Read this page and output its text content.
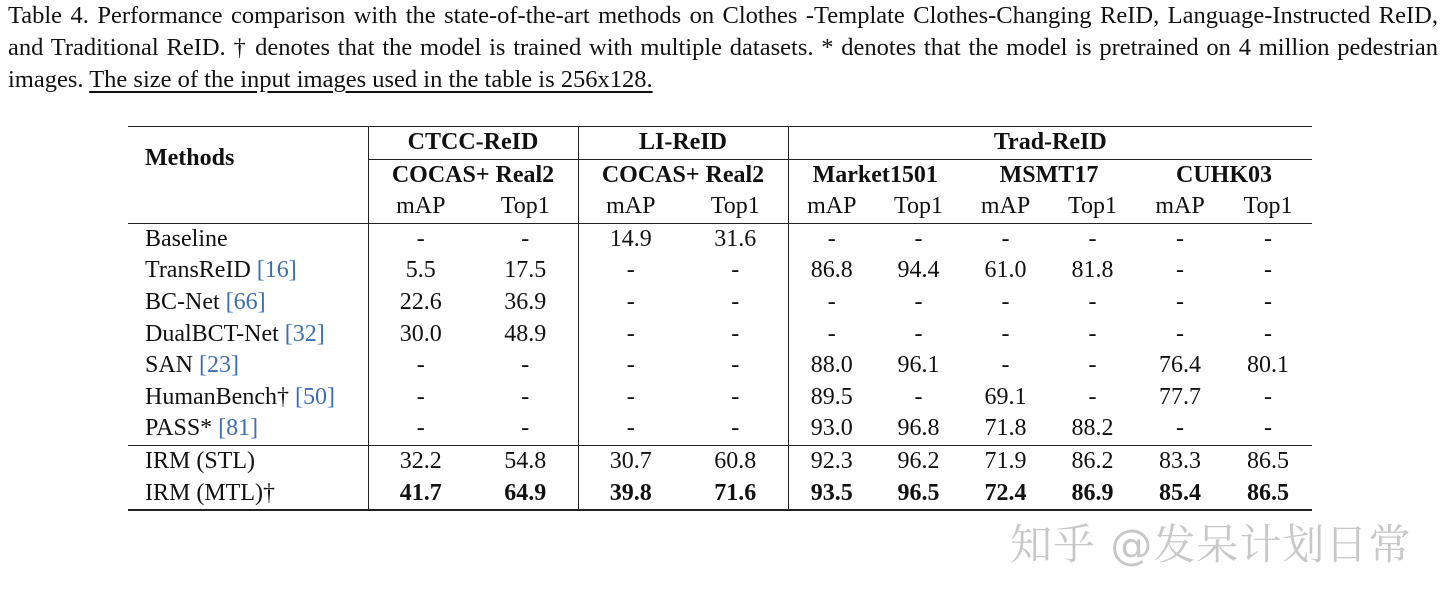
Table 4. Performance comparison with the state-of-the-art methods on Clothes -Template Clothes-Changing ReID, Language-Instructed ReID, and Traditional ReID. † denotes that the model is trained with multiple datasets. * denotes that the model is pretrained on 4 million pedestrian images. The size of the input images used in the table is 256x128.
Methods	CTCC-ReID		LI-ReID		Trad-ReID					
	COCAS+ Real2		COCAS+ Real2		Market1501		MSMT17		CUHK03	
	mAP	Top1	mAP	Top1	mAP	Top1	mAP	Top1	mAP	Top1
Baseline	-	-	14.9	31.6	-	-	-	-	-	-
TransReID [16]	5.5	17.5	-	-	86.8	94.4	61.0	81.8	-	-
BC-Net [66]	22.6	36.9	-	-	-	-	-	-	-	-
DualBCT-Net [32]	30.0	48.9	-	-	-	-	-	-	-	-
SAN [23]	-	-	-	-	88.0	96.1	-	-	76.4	80.1
HumanBench† [50]	-	-	-	-	89.5	-	69.1	-	77.7	-
PASS* [81]	-	-	-	-	93.0	96.8	71.8	88.2	-	-
IRM (STL)	32.2	54.8	30.7	60.8	92.3	96.2	71.9	86.2	83.3	86.5
IRM (MTL)†	41.7	64.9	39.8	71.6	93.5	96.5	72.4	86.9	85.4	86.5
知乎 @发呆计划日常
